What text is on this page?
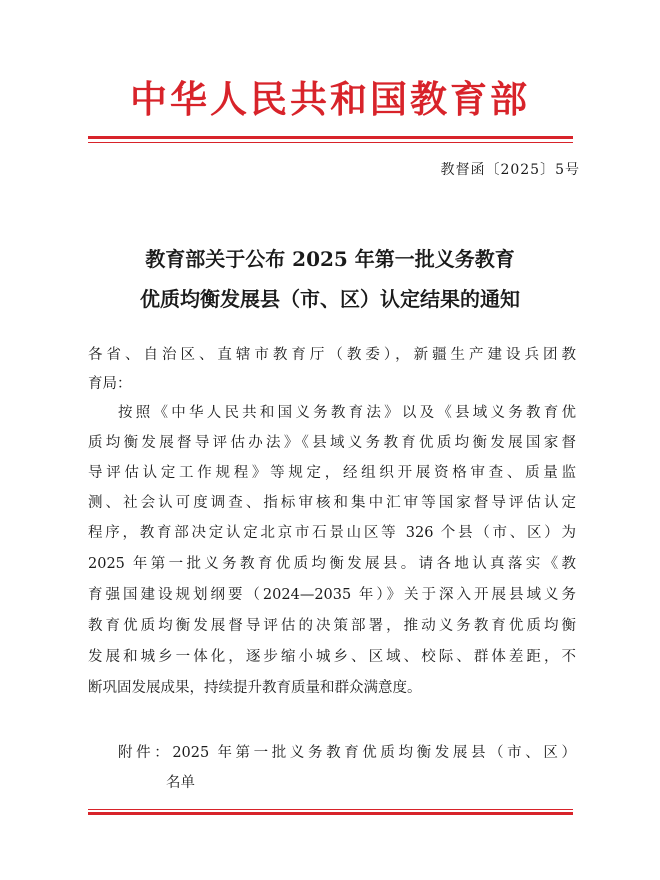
中华人民共和国教育部
教督函〔2025〕5号
教育部关于公布 2025 年第一批义务教育
优质均衡发展县（市、区）认定结果的通知
各省、自治区、直辖市教育厅（教委），新疆生产建设兵团教
育局：
按照《中华人民共和国义务教育法》以及《县域义务教育优
质均衡发展督导评估办法》《县域义务教育优质均衡发展国家督
导评估认定工作规程》等规定，经组织开展资格审查、质量监
测、社会认可度调查、指标审核和集中汇审等国家督导评估认定
程序，教育部决定认定北京市石景山区等 326 个县（市、区）为
2025 年第一批义务教育优质均衡发展县。请各地认真落实《教
育强国建设规划纲要（2024—2035 年）》关于深入开展县域义务
教育优质均衡发展督导评估的决策部署，推动义务教育优质均衡
发展和城乡一体化，逐步缩小城乡、区域、校际、群体差距，不
断巩固发展成果，持续提升教育质量和群众满意度。
附件：2025 年第一批义务教育优质均衡发展县（市、区）
名单
